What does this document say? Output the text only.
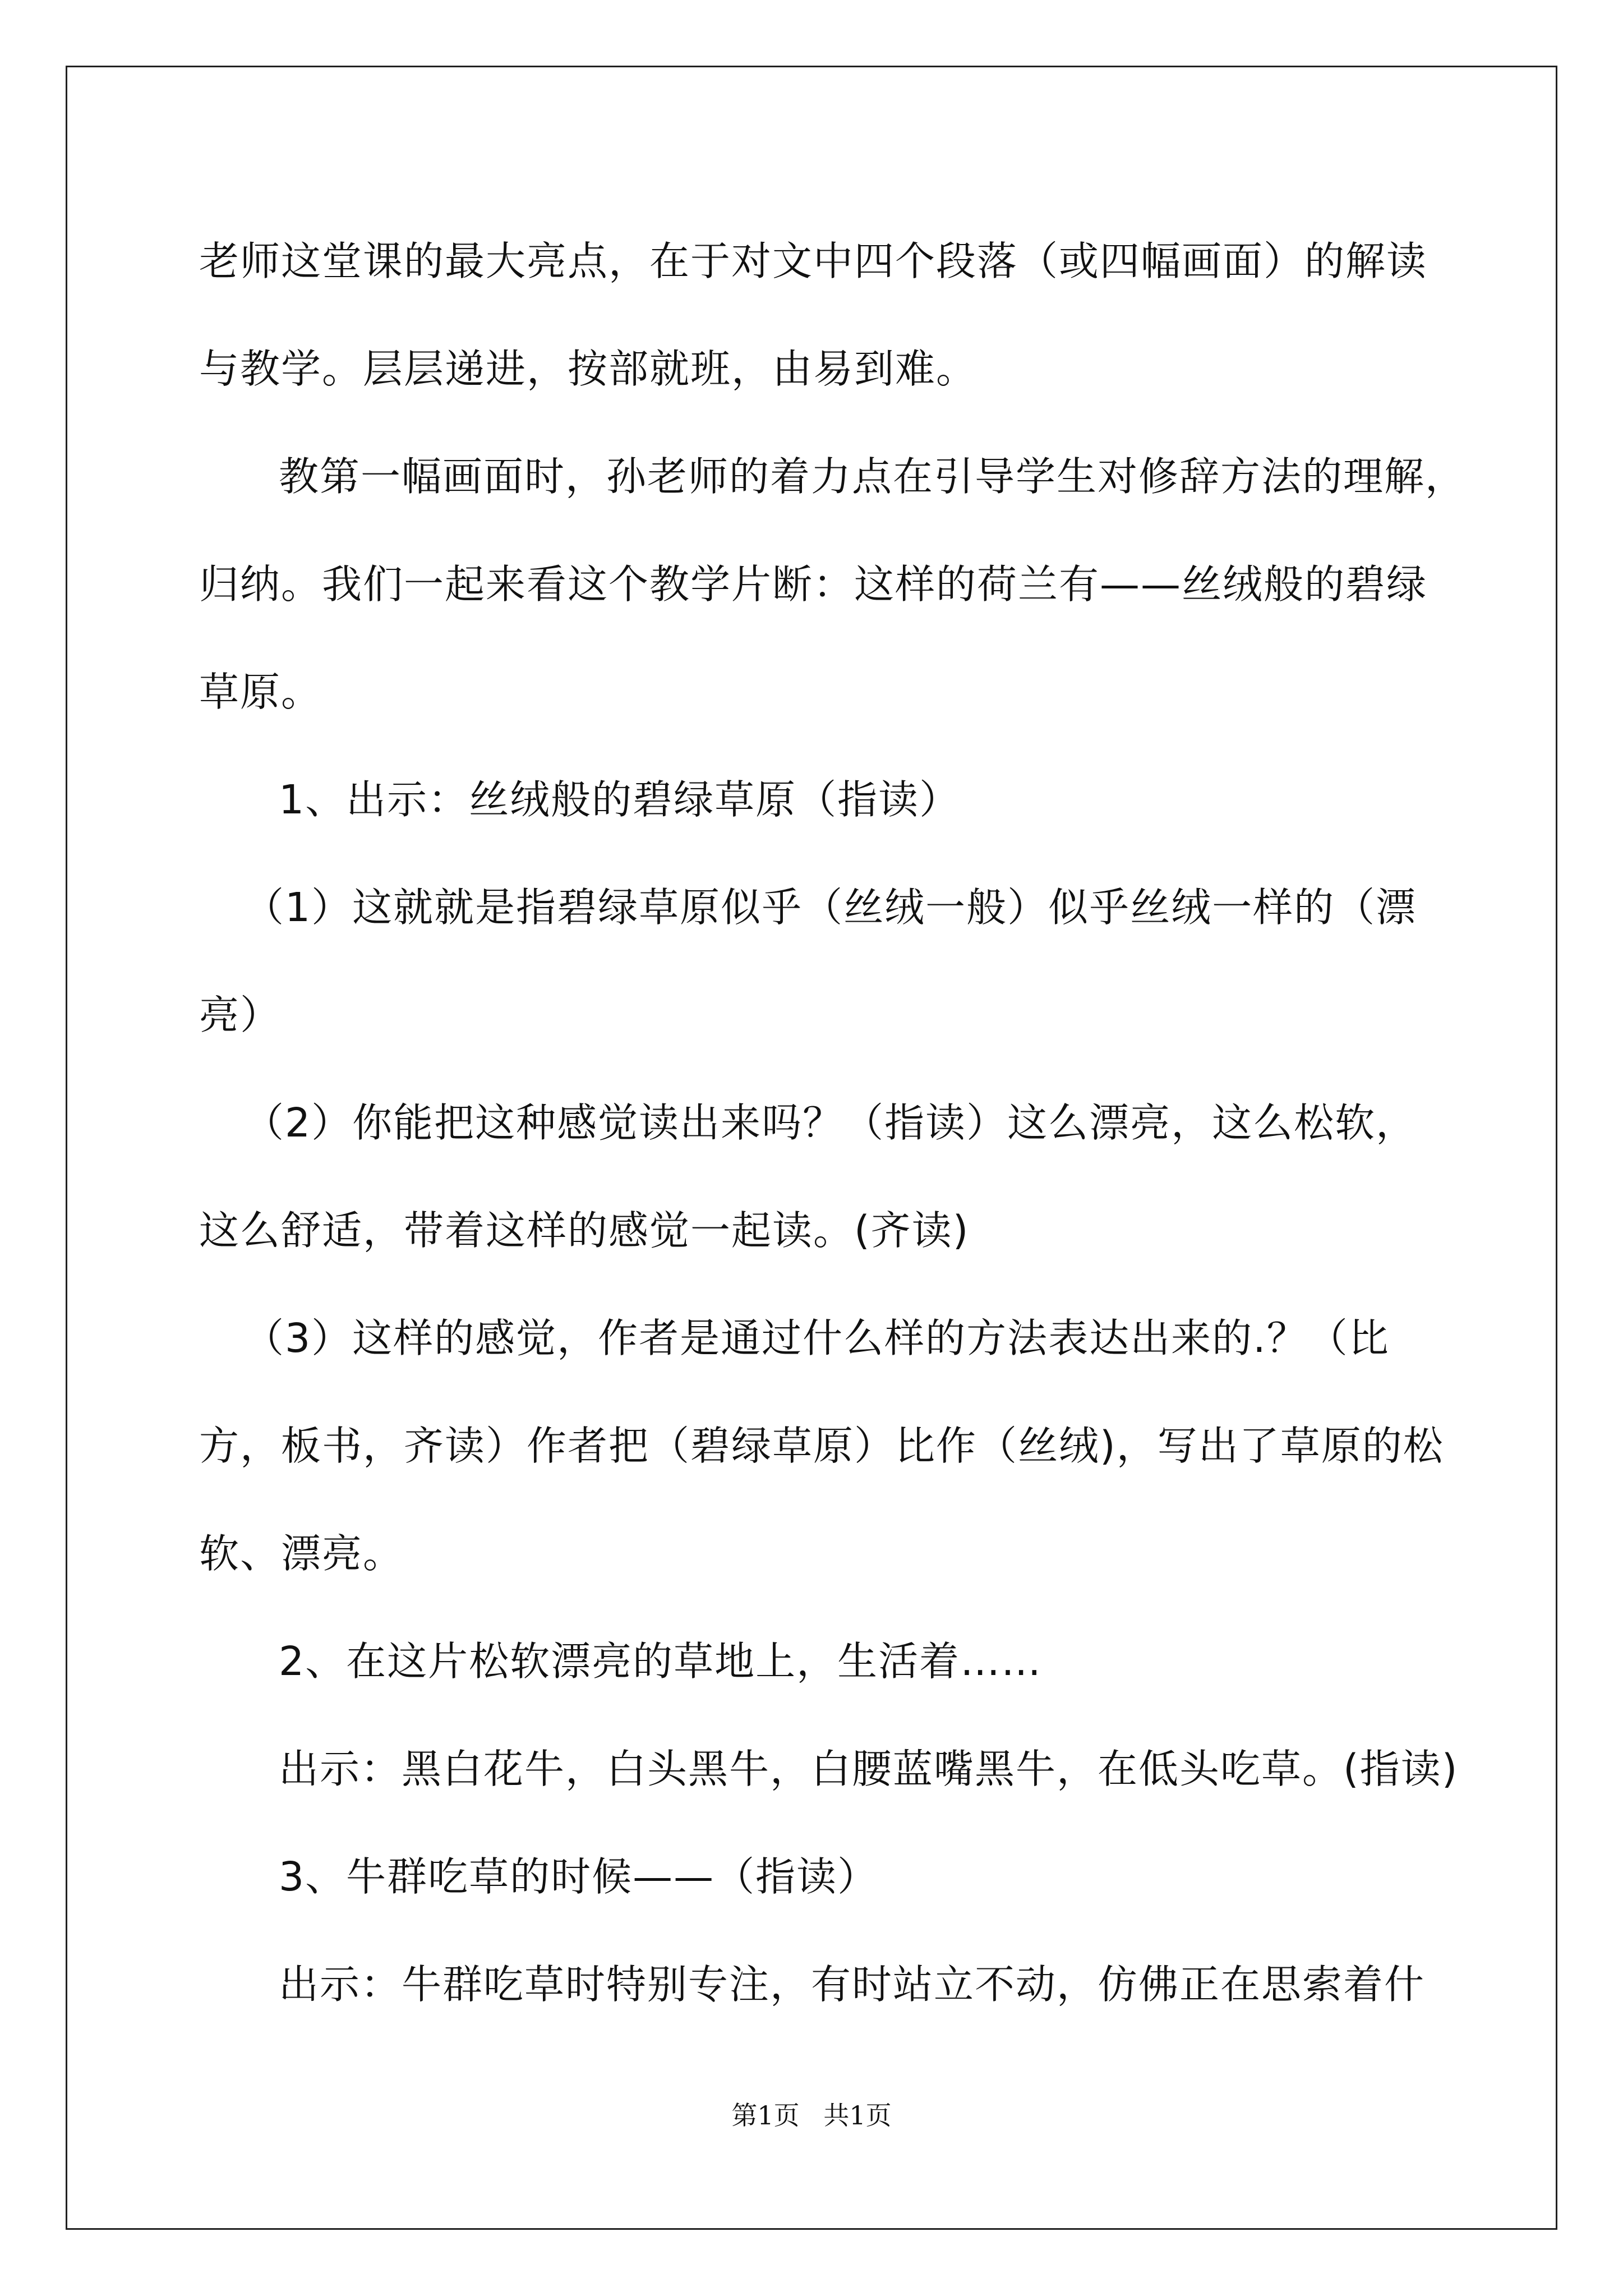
老师这堂课的最大亮点，在于对文中四个段落（或四幅画面）的解读

与教学。层层递进，按部就班，由易到难。

教第一幅画面时，孙老师的着力点在引导学生对修辞方法的理解，

归纳。我们一起来看这个教学片断：这样的荷兰有——丝绒般的碧绿

草原。

1、出示：丝绒般的碧绿草原（指读）

（1）这就就是指碧绿草原似乎（丝绒一般）似乎丝绒一样的（漂

亮）

（2）你能把这种感觉读出来吗？（指读）这么漂亮，这么松软，

这么舒适，带着这样的感觉一起读。(齐读)

（3）这样的感觉，作者是通过什么样的方法表达出来的.？（比

方，板书，齐读）作者把（碧绿草原）比作（丝绒)，写出了草原的松

软、漂亮。

2、在这片松软漂亮的草地上，生活着……

出示：黑白花牛，白头黑牛，白腰蓝嘴黑牛，在低头吃草。(指读)

3、牛群吃草的时候——（指读）

出示：牛群吃草时特别专注，有时站立不动，仿佛正在思索着什

第1页 共1页
